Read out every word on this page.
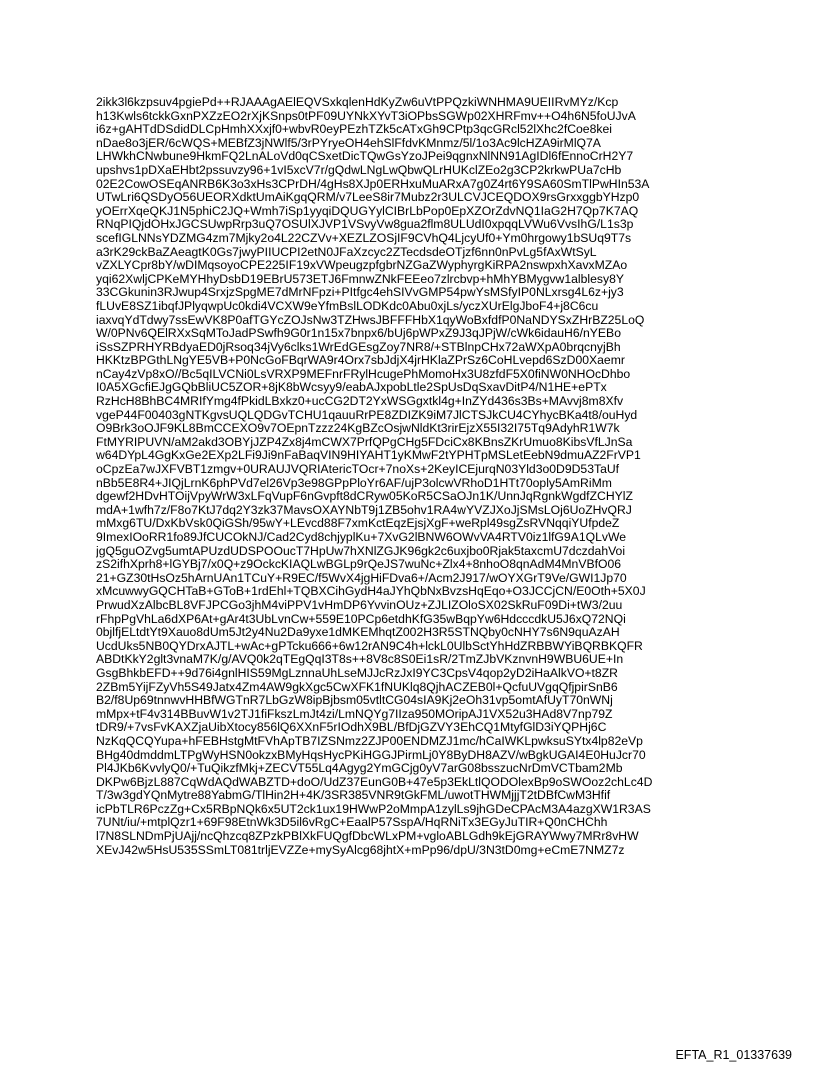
2ikk3l6kzpsuv4pgiePd++RJAAAgAElEQVSxkqlenHdKyZw6uVtPPQzkiWNHMA9UEIIRvMYz/Kcp
h13Kwls6tckkGxnPXZzEO2rXjKSnps0tPF09UYNkXYvT3iOPbsSGWp02XHRFmv++O4h6N5foUJvA
i6z+gAHTdDSdidDLCpHmhXXxjf0+wbvR0eyPEzhTZk5cATxGh9CPtp3qcGRcl52lXhc2fCoe8kei
nDae8o3jER/6cWQS+MEBfZ3jNWlf5/3rPYryeOH4ehSlFfdvKMnmz/5l/1o3Ac9lcHZA9irMlQ7A
LHWkhCNwbune9HkmFQ2LnALoVd0qCSxetDicTQwGsYzoJPei9qgnxNlNN91AgIDl6fEnnoCrH2Y7
upshvs1pDXaEHbt2pssuvzy96+1vI5xcV7r/gQdwLNgLwQbwQLrHUKclZEo2g3CP2krkwPUa7cHb
02E2CowOSEqANRB6K3o3xHs3CPrDH/4gHs8XJp0ERHxuMuARxA7g0Z4rt6Y9SA60SmTlPwHIn53A
UTwLri6QSDyO56UEORXdktUmAiKgqQRM/v7LeeS8ir7Mubz2r3ULCVJCEQDOX9rsGrxxggbYHzp0
yOErrXqeQKJ1N5phiC2JQ+Wmh7iSp1yyqiDQUGYylCIBrLbPop0EpXZOrZdvNQ1IaG2H7Qp7K7AQ
RNqPIQjdOHxJGCSUwpRrp3uQ7OSUlXJVP1VSvyVw8gua2flm8ULUdI0xpqqLVWu6VvsIhG/L1s3p
scefIGLNNsYDZMG4zm7Mjky2o4L22CZVv+XEZLZOSjIF9CVhQ4LjcyUf0+Ym0hrgowy1bSUq9T7s
a3rK29ckBaZAeagtK0Gs7jwyPIIUCPI2etN0JFaXzcyc2ZTecdsdeOTjzf6nn0nPvLg5fAxWtSyL
vZXLYCpr8bY/wDIMqsoyoCPE225IF19xVWpeugzpfgbrNZGaZWyphyrgKiRPA2nswpxhXavxMZAo
yqi62XwljCPKeMYHhyDsbD19EBrU573ETJ6FmnwZNkFEEeo7zlrcbvp+hMhYBMygvw1alblesy8Y
33CGkunin3RJwup4SrxjzSpgME7dMrNFpzi+PItfgc4ehSIVvGMP54pwYsMSfyIP0NLxrsg4L6z+jy3
fLUvE8SZ1ibqfJPlyqwpUc0kdi4VCXW9eYfmBslLODKdc0Abu0xjLs/yczXUrElgJboF4+j8C6cu
iaxvqYdTdwy7ssEwVK8P0afTGYcZOJsNw3TZHwsJBFFFHbX1qyWoBxfdfP0NaNDYSxZHrBZ25LoQ
W/0PNv6QElRXxSqMToJadPSwfh9G0r1n15x7bnpx6/bUj6pWPxZ9J3qJPjW/cWk6idauH6/nYEBo
iSsSZPRHYRBdyaED0jRsoq34jVy6clks1WrEdGEsgZoy7NR8/+STBlnpCHx72aWXpA0brqcnyjBh
HKKtzBPGthLNgYE5VB+P0NcGoFBqrWA9r4Orx7sbJdjX4jrHKlaZPrSz6CoHLvepd6SzD00Xaemr
nCay4zVp8xO//Bc5qILVCNi0LsVRXP9MEFnrFRylHcugePhMomoHx3U8zfdF5X0fiNW0NHOcDhbo
I0A5XGcfiEJgGQbBliUC5ZOR+8jK8bWcsyy9/eabAJxpobLtle2SpUsDqSxavDitP4/N1HE+ePTx
RzHcH8BhBC4MRIfYmg4fPkidLBxkz0+ucCG2DT2YxWSGgxtkl4g+InZYd436s3Bs+MAvvj8m8Xfv
vgeP44F00403gNTKgvsUQLQDGvTCHU1qauuRrPE8ZDIZK9iM7JlCTSJkCU4CYhycBKa4t8/ouHyd
O9Brk3oOJF9KL8BmCCEXO9v7OEpnTzzz24KgBZcOsjwNldKt3rirEjzX55I32I75Tq9AdyhR1W7k
FtMYRIPUVN/aM2akd3OBYjJZP4Zx8j4mCWX7PrfQPgCHg5FDciCx8KBnsZKrUmuo8KibsVfLJnSa
w64DYpL4GgKxGe2EXp2LFi9Ji9nFaBaqVIN9HIYAHT1yKMwF2tYPHTpMSLetEebN9dmuAZ2FrVP1
oCpzEa7wJXFVBT1zmgv+0URAUJVQRIAtericTOcr+7noXs+2KeyICEjurqN03Yld3o0D9D53TaUf
nBb5E8R4+JIQjLrnK6phPVd7el26Vp3e98GPpPloYr6AF/ujP3olcwVRhoD1HTt70oply5AmRiMm
dgewf2HDvHTOijVpyWrW3xLFqVupF6nGvpft8dCRyw05KoR5CSaOJn1K/UnnJqRgnkWgdfZCHYlZ
mdA+1wfh7z/F8o7KtJ7dq2Y3zk37MavsOXAYNbT9j1ZB5ohv1RA4wYVZJXoJjSMsLOj6UoZHvQRJ
mMxg6TU/DxKbVsk0QiGSh/95wY+LEvcd88F7xmKctEqzEjsjXgF+weRpl49sgZsRVNqqiYUfpdeZ
9ImexIOoRR1fo89JfCUCOkNJ/Cad2Cyd8chjyplKu+7XvG2lBNW6OWvVA4RTV0iz1lfG9A1QLvWe
jgQ5guOZvg5umtAPUzdUDSPOOucT7HpUw7hXNlZGJK96gk2c6uxjbo0Rjak5taxcmU7dczdahVoi
zS2ifhXprh8+lGYBj7/x0Q+z9OckcKIAQLwBGLp9rQeJS7wuNc+Zlx4+8nhoO8qnAdM4MnVBfO06
21+GZ30tHsOz5hArnUAn1TCuY+R9EC/f5WvX4jgHiFDva6+/Acm2J917/wOYXGrT9Ve/GWI1Jp70
xMcuwwyGQCHTaB+GToB+1rdEhl+TQBXCihGydH4aJYhQbNxBvzsHqEqo+O3JCCjCN/E0Oth+5X0J
PrwudXzAlbcBL8VFJPCGo3jhM4viPPV1vHmDP6YvvinOUz+ZJLIZOloSX02SkRuF09Di+tW3/2uu
rFhpPgVhLa6dXP6At+gAr4t3UbLvnCw+559E10PCp6etdhKfG35wBqpYw6HdcccdkU5J6xQ72NQi
0bjlfjELtdtYt9Xauo8dUm5Jt2y4Nu2Da9yxe1dMKEMhqtZ002H3R5STNQby0cNHY7s6N9quAzAH
UcdUks5NB0QYDrxAJTL+wAc+gPTcku666+6w12rAN9C4h+lckL0UlbSctYhHdZRBBWYiBQRBKQFR
ABDtKkY2glt3vnaM7K/g/AVQ0k2qTEgQqI3T8s++8V8c8S0Ei1sR/2TmZJbVKznvnH9WBU6UE+In
GsgBhkbEFD++9d76i4gnlHIS59MgLznnaUhLseMJJcRzJxI9YC3CpsV4qop2yD2iHaAlkVO+t8ZR
2ZBm5YijFZyVh5S49Jatx4Zm4AW9gkXgc5CwXFK1fNUKlq8QjhACZEB0l+QcfuUVgqQfjpirSnB6
B2/f8Up69tnnwvHHBfWGTnR7LbGzW8ipBjbsm05vtltCG04sIA9Kj2eOh31vp5omtAfUyT70nWNj
mMpx+tF4v314BBuvW1v2TJ1fiFkszLmJt4zi/LmNQYg7IIza950MOripAJ1VX52u3HAd8V7np79Z
tDR9/+7vsFvKAXZjaUibXtocy856lQ6XXnF5rIOdhX9BL/BfDjGZVY3EhCQ1MtyfGlD3iYQPHj6C
NzKqQCQYupa+hFEBHstgMtFVhApTB7IZSNmz2ZJP00ENDMZJ1mc/hCaIWKLpwksuSYtx4lp82eVp
BHg40dmddmLTPgWyHSN0okzxBMyHqsHycPKiHGGJPirmLj0Y8ByDH8AZV/wBgkUGAI4E0HuJcr70
Pl4JKb6KvvlyQ0/+TuQikzfMkj+ZECVT55Lq4Agyg2YmGCjg0yV7arG08bsszucNrDmVCTbam2Mb
DKPw6BjzL887CqWdAQdWABZTD+doO/UdZ37EunG0B+47e5p3EkLtlQODOlexBp9oSWOoz2chLc4D
T/3w3gdYQnMytre88YabmG/TlHin2H+4K/3SR385VNR9tGkFML/uwotTHWMjjjT2tDBfCwM3Hfif
icPbTLR6PczZg+Cx5RBpNQk6x5UT2ck1ux19HWwP2oMmpA1zylLs9jhGDeCPAcM3A4azgXW1R3AS
7UNt/iu/+mtplQzr1+69F98EtnWk3D5il6vRgC+EaalP57SspA/HqRNiTx3EGyJuTIR+Q0nCHChh
l7N8SLNDmPjUAjj/ncQhzcq8ZPzkPBlXkFUQgfDbcWLxPM+vgloABLGdh9kEjGRAYWwy7MRr8vHW
XEvJ42w5HsU535SSmLT081trljEVZZe+mySyAlcg68jhtX+mPp96/dpU/3N3tD0mg+eCmE7NMZ7z
EFTA_R1_01337639
